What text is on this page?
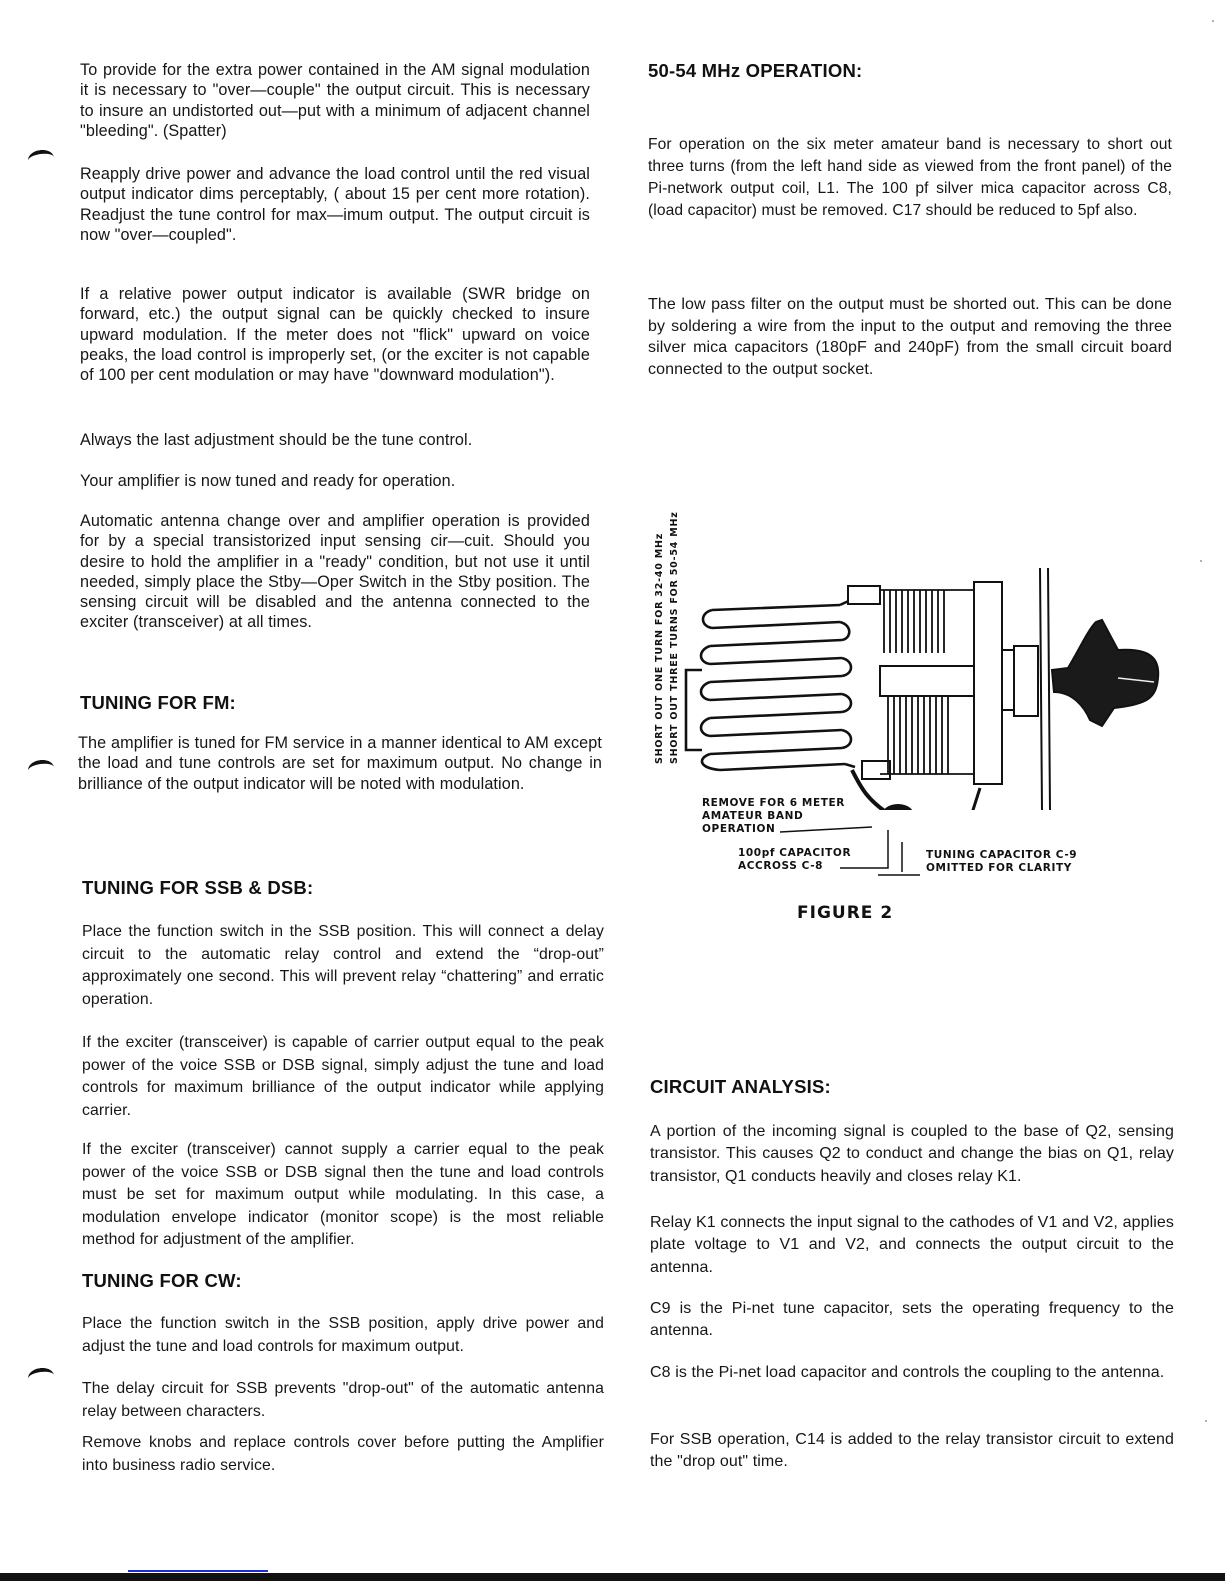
To provide for the extra power contained in the AM signal modulation it is necessary to "over—couple" the output circuit. This is necessary to insure an undistorted out—put with a minimum of adjacent channel "bleeding". (Spatter)

Reapply drive power and advance the load control until the red visual output indicator dims perceptably, ( about 15 per cent more rotation). Readjust the tune control for max—imum output. The output circuit is now "over—coupled".

If a relative power output indicator is available (SWR bridge on forward, etc.) the output signal can be quickly checked to insure upward modulation. If the meter does not "flick" upward on voice peaks, the load control is improperly set, (or the exciter is not capable of 100 per cent modulation or may have "downward modulation").

Always the last adjustment should be the tune control.

Your amplifier is now tuned and ready for operation.

Automatic antenna change over and amplifier operation is provided for by a special transistorized input sensing cir—cuit. Should you desire to hold the amplifier in a "ready" condition, but not use it until needed, simply place the Stby—Oper Switch in the Stby position. The sensing circuit will be disabled and the antenna connected to the exciter (transceiver) at all times.

TUNING FOR FM:

The amplifier is tuned for FM service in a manner identical to AM except the load and tune controls are set for maximum output. No change in brilliance of the output indicator will be noted with modulation.

TUNING FOR SSB & DSB:

Place the function switch in the SSB position. This will connect a delay circuit to the automatic relay control and extend the “drop-out” approximately one second. This will prevent relay “chattering” and erratic operation.

If the exciter (transceiver) is capable of carrier output equal to the peak power of the voice SSB or DSB signal, simply adjust the tune and load controls for maximum brilliance of the output indicator while applying carrier.

If the exciter (transceiver) cannot supply a carrier equal to the peak power of the voice SSB or DSB signal then the tune and load controls must be set for maximum output while modulating. In this case, a modulation envelope indicator (monitor scope) is the most reliable method for adjustment of the amplifier.

TUNING FOR CW:

Place the function switch in the SSB position, apply drive power and adjust the tune and load controls for maximum output.

The delay circuit for SSB prevents "drop-out" of the automatic antenna relay between characters.

Remove knobs and replace controls cover before putting the Amplifier into business radio service.

50-54 MHz OPERATION:

For operation on the six meter amateur band is necessary to short out three turns (from the left hand side as viewed from the front panel) of the Pi-network output coil, L1. The 100 pf silver mica capacitor across C8, (load capacitor) must be removed. C17 should be reduced to 5pf also.

The low pass filter on the output must be shorted out. This can be done by soldering a wire from the input to the output and removing the three silver mica capacitors (180pF and 240pF) from the small circuit board connected to the output socket.

SHORT OUT ONE TURN FOR 32-40 MHz SHORT OUT THREE TURNS FOR 50-54 MHz
REMOVE FOR 6 METER
AMATEUR BAND
OPERATION
100pf CAPACITOR
ACCROSS C-8
TUNING CAPACITOR C-9
OMITTED FOR CLARITY
FIGURE 2
CIRCUIT ANALYSIS:

A portion of the incoming signal is coupled to the base of Q2, sensing transistor. This causes Q2 to conduct and change the bias on Q1, relay transistor, Q1 conducts heavily and closes relay K1.

Relay K1 connects the input signal to the cathodes of V1 and V2, applies plate voltage to V1 and V2, and connects the output circuit to the antenna.

C9 is the Pi-net tune capacitor, sets the operating frequency to the antenna.

C8 is the Pi-net load capacitor and controls the coupling to the antenna.

For SSB operation, C14 is added to the relay transistor circuit to extend the "drop out" time.
